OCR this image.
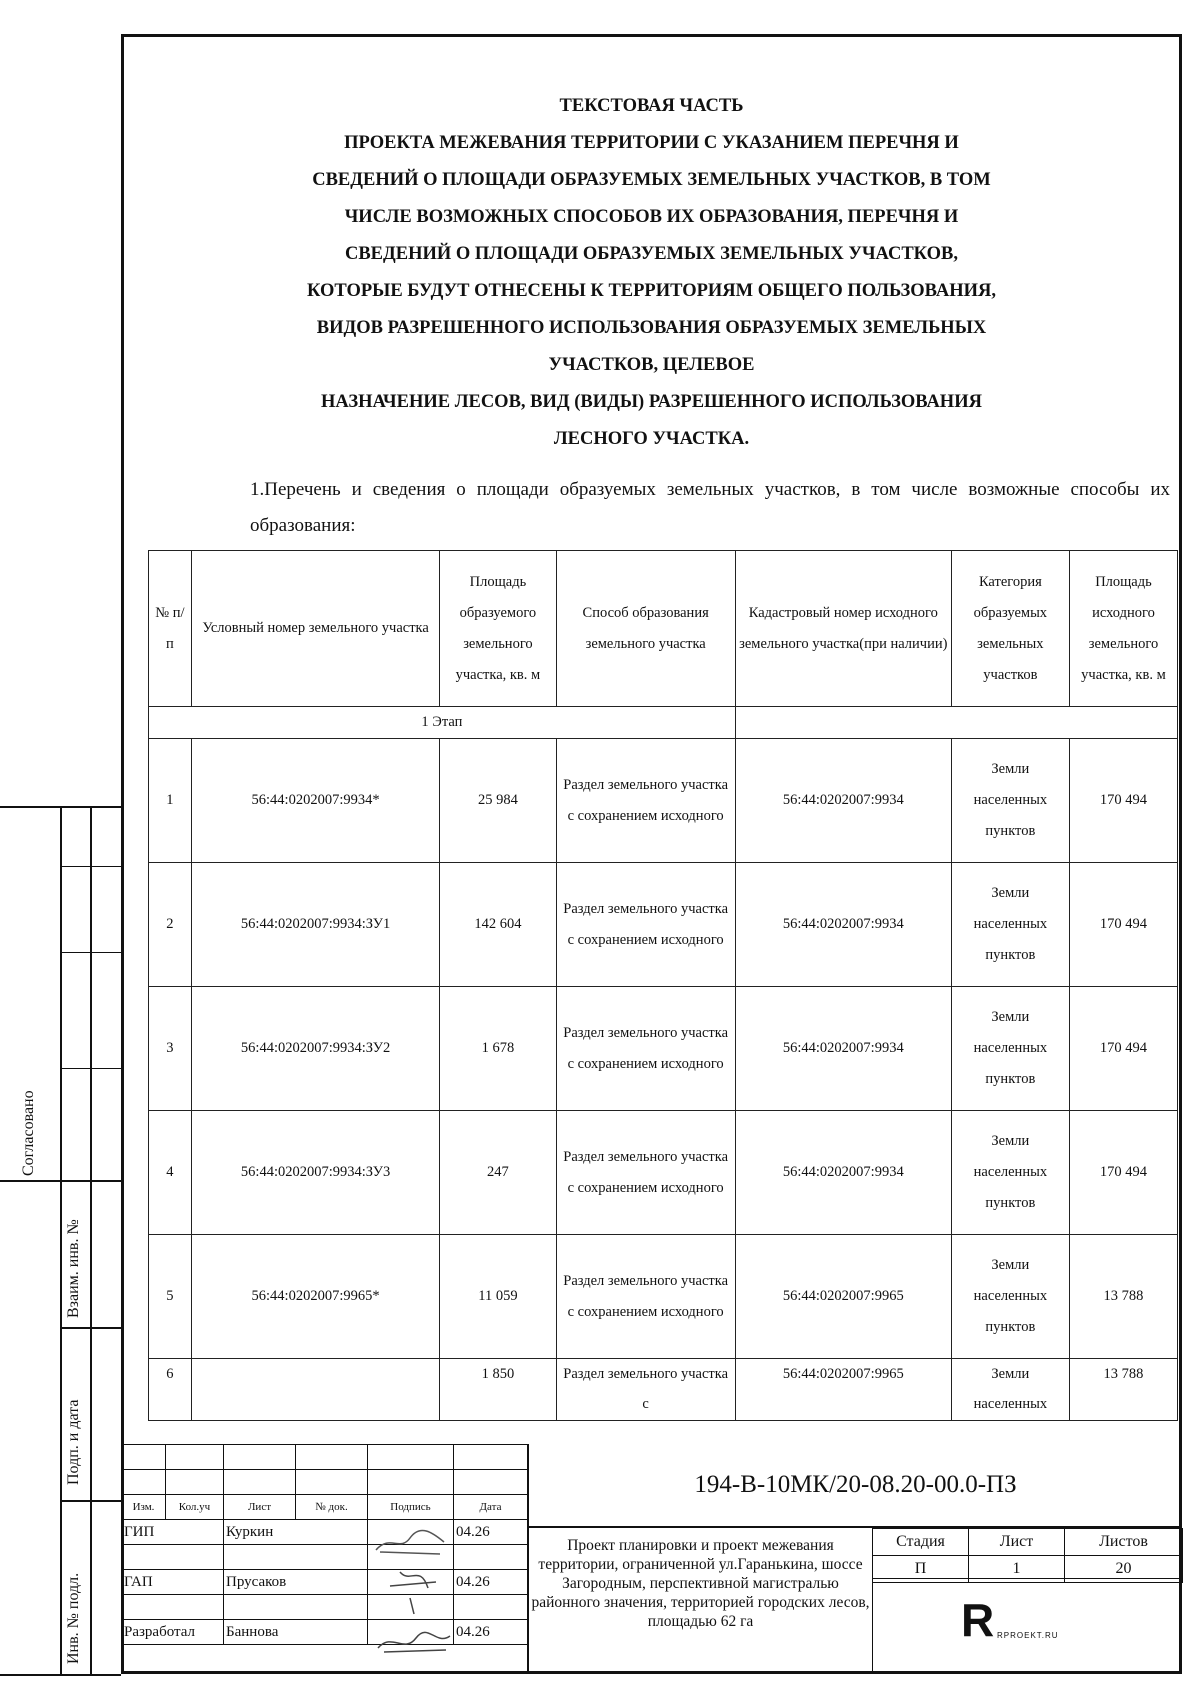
ТЕКСТОВАЯ ЧАСТЬ
ПРОЕКТА МЕЖЕВАНИЯ ТЕРРИТОРИИ С УКАЗАНИЕМ ПЕРЕЧНЯ И
СВЕДЕНИЙ О ПЛОЩАДИ ОБРАЗУЕМЫХ ЗЕМЕЛЬНЫХ УЧАСТКОВ, В ТОМ
ЧИСЛЕ ВОЗМОЖНЫХ СПОСОБОВ ИХ ОБРАЗОВАНИЯ, ПЕРЕЧНЯ И
СВЕДЕНИЙ О ПЛОЩАДИ ОБРАЗУЕМЫХ ЗЕМЕЛЬНЫХ УЧАСТКОВ,
КОТОРЫЕ БУДУТ ОТНЕСЕНЫ К ТЕРРИТОРИЯМ ОБЩЕГО ПОЛЬЗОВАНИЯ,
ВИДОВ РАЗРЕШЕННОГО ИСПОЛЬЗОВАНИЯ ОБРАЗУЕМЫХ ЗЕМЕЛЬНЫХ
УЧАСТКОВ, ЦЕЛЕВОЕ
НАЗНАЧЕНИЕ ЛЕСОВ, ВИД (ВИДЫ) РАЗРЕШЕННОГО ИСПОЛЬЗОВАНИЯ
ЛЕСНОГО УЧАСТКА.
1.Перечень и сведения о площади образуемых земельных участков, в том числе возможные способы их образования:
№ п/п	Условный номер земельного участка	Площадь образуемого земельного участка, кв. м	Способ образования земельного участка	Кадастровый номер исходного земельного участка(при наличии)	Категория образуемых земельных участков	Площадь исходного земельного участка, кв. м
1 Этап						
1	56:44:0202007:9934*	25 984	Раздел земельного участка с сохранением исходного	56:44:0202007:9934	Земли населенных пунктов	170 494
2	56:44:0202007:9934:ЗУ1	142 604	Раздел земельного участка с сохранением исходного	56:44:0202007:9934	Земли населенных пунктов	170 494
3	56:44:0202007:9934:ЗУ2	1 678	Раздел земельного участка с сохранением исходного	56:44:0202007:9934	Земли населенных пунктов	170 494
4	56:44:0202007:9934:ЗУ3	247	Раздел земельного участка с сохранением исходного	56:44:0202007:9934	Земли населенных пунктов	170 494
5	56:44:0202007:9965*	11 059	Раздел земельного участка с сохранением исходного	56:44:0202007:9965	Земли населенных пунктов	13 788
6		1 850	Раздел земельного участка с	56:44:0202007:9965	Земли населенных	13 788
Согласовано
Взаим. инв. №
Подп. и дата
Инв. № подл.

Изм.	Кол.уч	Лист	№ док.	Подпись	Дата
ГИП		Куркин			04.26

ГАП		Прусаков			04.26

Разработал		Баннова			04.26
194-В-10МК/20-08.20-00.0-ПЗ
Проект планировки и проект межевания территории, ограниченной ул.Гаранькина, шоссе Загородным, перспективной магистралью районного значения, территорией городских лесов, площадью 62 га
Стадия	Лист	Листов
П	1	20
R RPROEKT.RU
